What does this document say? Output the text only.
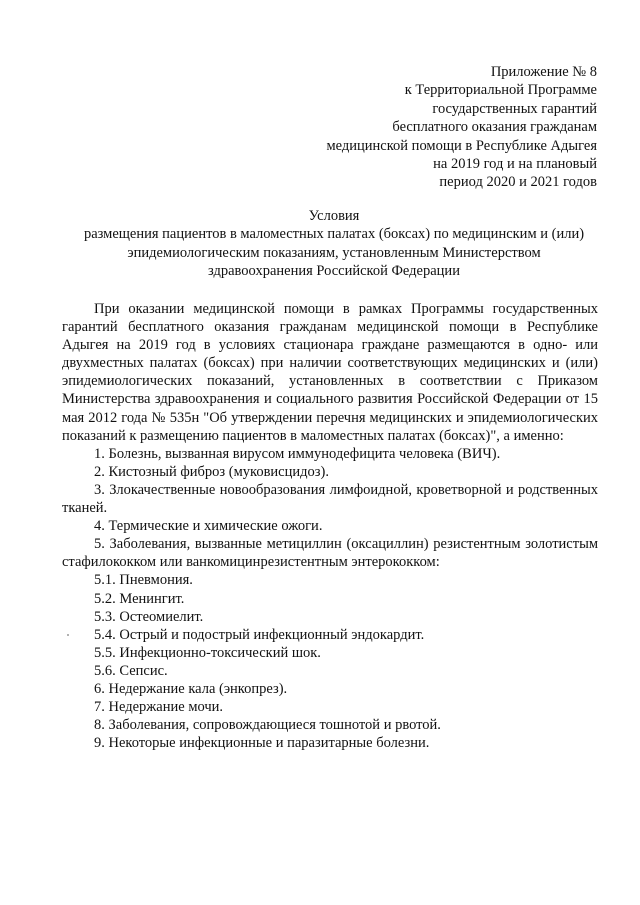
Приложение № 8
к Территориальной Программе
государственных гарантий
бесплатного оказания гражданам
медицинской помощи в Республике Адыгея
на 2019 год и на плановый
период 2020 и 2021 годов
Условия
размещения пациентов в маломестных палатах (боксах) по медицинским и (или)
эпидемиологическим показаниям, установленным Министерством
здравоохранения Российской Федерации

При оказании медицинской помощи в рамках Программы государственных гарантий бесплатного оказания гражданам медицинской помощи в Республике Адыгея на 2019 год в условиях стационара граждане размещаются в одно- или двухместных палатах (боксах) при наличии соответствующих медицинских и (или) эпидемиологических показаний, установленных в соответствии с Приказом Министерства здравоохранения и социального развития Российской Федерации от 15 мая 2012 года № 535н "Об утверждении перечня медицинских и эпидемиологических показаний к размещению пациентов в маломестных палатах (боксах)", а именно:

1. Болезнь, вызванная вирусом иммунодефицита человека (ВИЧ).

2. Кистозный фиброз (муковисцидоз).

3. Злокачественные новообразования лимфоидной, кроветворной и родственных тканей.

4. Термические и химические ожоги.

5. Заболевания, вызванные метициллин (оксациллин) резистентным золотистым стафилококком или ванкомицинрезистентным энтерококком:

5.1. Пневмония.

5.2. Менингит.

5.3. Остеомиелит.

5.4. Острый и подострый инфекционный эндокардит.

5.5. Инфекционно-токсический шок.

5.6. Сепсис.

6. Недержание кала (энкопрез).

7. Недержание мочи.

8. Заболевания, сопровождающиеся тошнотой и рвотой.

9. Некоторые инфекционные и паразитарные болезни.
